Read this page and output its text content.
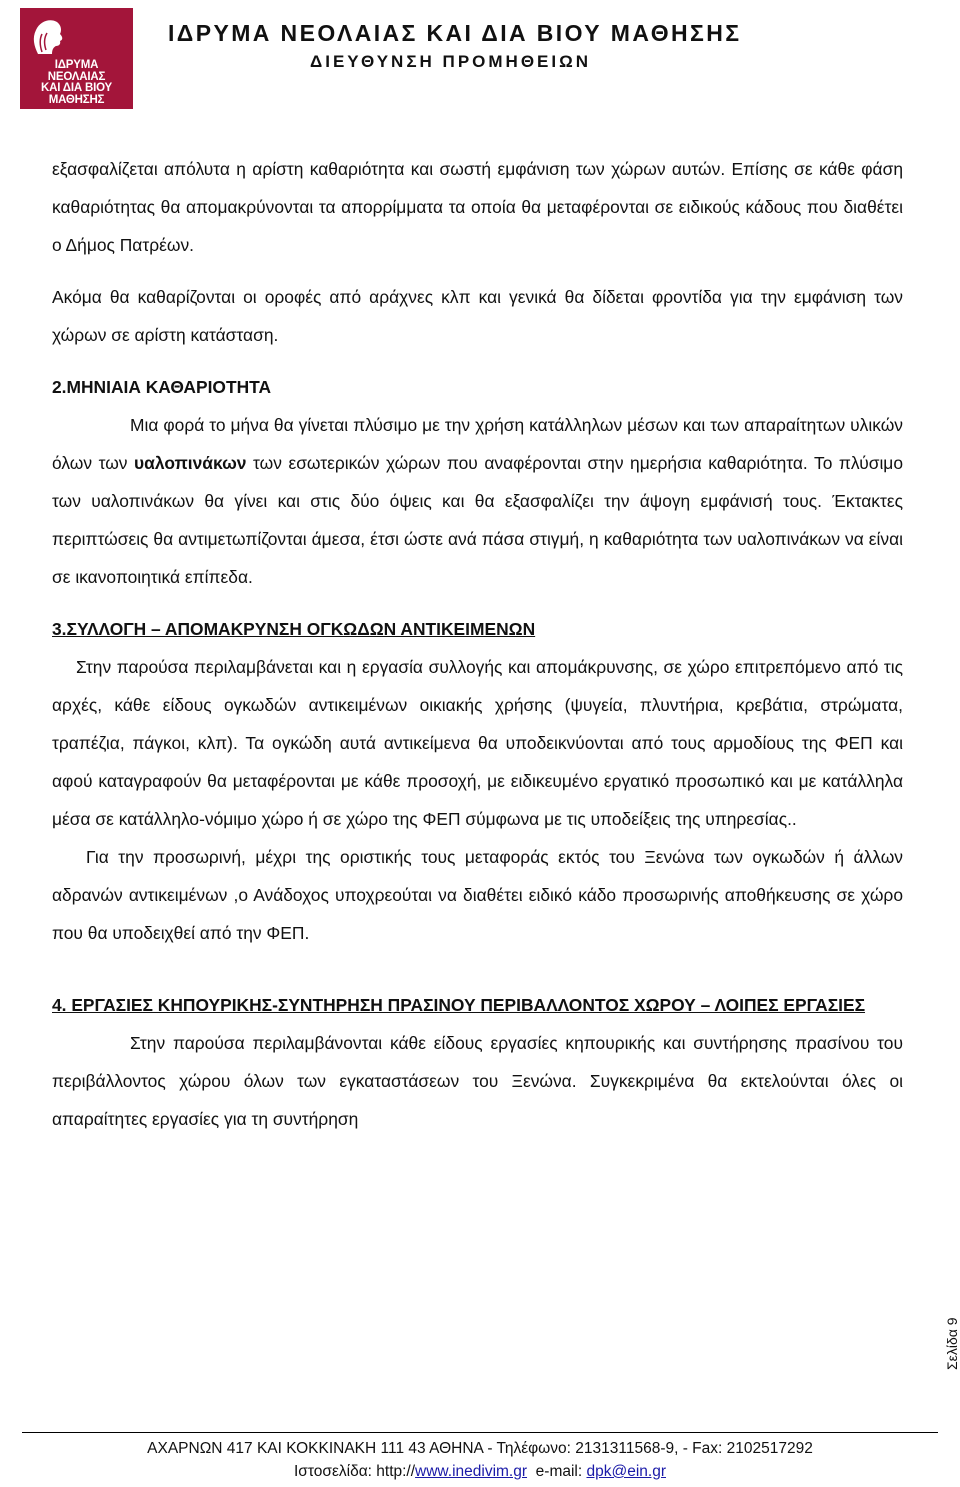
ΙΔΡΥΜΑ
ΝΕΟΛΑΙΑΣ
ΚΑΙ ΔΙΑ ΒΙΟΥ
ΜΑΘΗΣΗΣ
ΙΔΡΥΜΑ ΝΕΟΛΑΙΑΣ ΚΑΙ ΔΙΑ ΒΙΟΥ ΜΑΘΗΣΗΣ
ΔΙΕΥΘΥΝΣΗ ΠΡΟΜΗΘΕΙΩΝ

εξασφαλίζεται απόλυτα η αρίστη καθαριότητα και σωστή εμφάνιση των χώρων αυτών. Επίσης σε κάθε φάση καθαριότητας θα απομακρύνονται τα απορρίμματα τα οποία θα μεταφέρονται σε ειδικούς κάδους που διαθέτει ο Δήμος Πατρέων.

Ακόμα θα καθαρίζονται οι οροφές από αράχνες κλπ και γενικά θα δίδεται φροντίδα για την εμφάνιση των χώρων σε αρίστη κατάσταση.

2.ΜΗΝΙΑΙΑ ΚΑΘΑΡΙΟΤΗΤΑ

Μια φορά το μήνα θα γίνεται πλύσιμο με την χρήση κατάλληλων μέσων και των απαραίτητων υλικών όλων των υαλοπινάκων των εσωτερικών χώρων που αναφέρονται στην ημερήσια καθαριότητα. Το πλύσιμο των υαλοπινάκων θα γίνει και στις δύο όψεις και θα εξασφαλίζει την άψογη εμφάνισή τους. Έκτακτες περιπτώσεις θα αντιμετωπίζονται άμεσα, έτσι ώστε ανά πάσα στιγμή, η καθαριότητα των υαλοπινάκων να είναι σε ικανοποιητικά επίπεδα.

3.ΣΥΛΛΟΓΗ – ΑΠΟΜΑΚΡΥΝΣΗ ΟΓΚΩΔΩΝ ΑΝΤΙΚΕΙΜΕΝΩΝ

Στην παρούσα περιλαμβάνεται και η εργασία συλλογής και απομάκρυνσης, σε χώρο επιτρεπόμενο από τις αρχές, κάθε είδους ογκωδών αντικειμένων οικιακής χρήσης (ψυγεία, πλυντήρια, κρεβάτια, στρώματα, τραπέζια, πάγκοι, κλπ). Τα ογκώδη αυτά αντικείμενα θα υποδεικνύονται από τους αρμοδίους της ΦΕΠ και αφού καταγραφούν θα μεταφέρονται με κάθε προσοχή, με ειδικευμένο εργατικό προσωπικό και με κατάλληλα μέσα σε κατάλληλο-νόμιμο χώρο ή σε χώρο της ΦΕΠ σύμφωνα με τις υποδείξεις της υπηρεσίας..

Για την προσωρινή, μέχρι της οριστικής τους μεταφοράς εκτός του Ξενώνα των ογκωδών ή άλλων αδρανών αντικειμένων ,ο Ανάδοχος υποχρεούται να διαθέτει ειδικό κάδο προσωρινής αποθήκευσης σε χώρο που θα υποδειχθεί από την ΦΕΠ.

4. ΕΡΓΑΣΙΕΣ ΚΗΠΟΥΡΙΚΗΣ-ΣΥΝΤΗΡΗΣΗ ΠΡΑΣΙΝΟΥ ΠΕΡΙΒΑΛΛΟΝΤΟΣ ΧΩΡΟΥ – ΛΟΙΠΕΣ ΕΡΓΑΣΙΕΣ

Στην παρούσα περιλαμβάνονται κάθε είδους εργασίες κηπουρικής και συντήρησης πρασίνου του περιβάλλοντος χώρου όλων των εγκαταστάσεων του Ξενώνα. Συγκεκριμένα θα εκτελούνται όλες οι απαραίτητες εργασίες για τη συντήρηση

Σελίδα 9
ΑΧΑΡΝΩΝ 417 ΚΑΙ ΚΟΚΚΙΝΑΚΗ 111 43 ΑΘΗΝΑ - Τηλέφωνο: 2131311568-9, - Fax: 2102517292
Ιστοσελίδα: http://www.inedivim.gr e-mail: dpk@ein.gr
